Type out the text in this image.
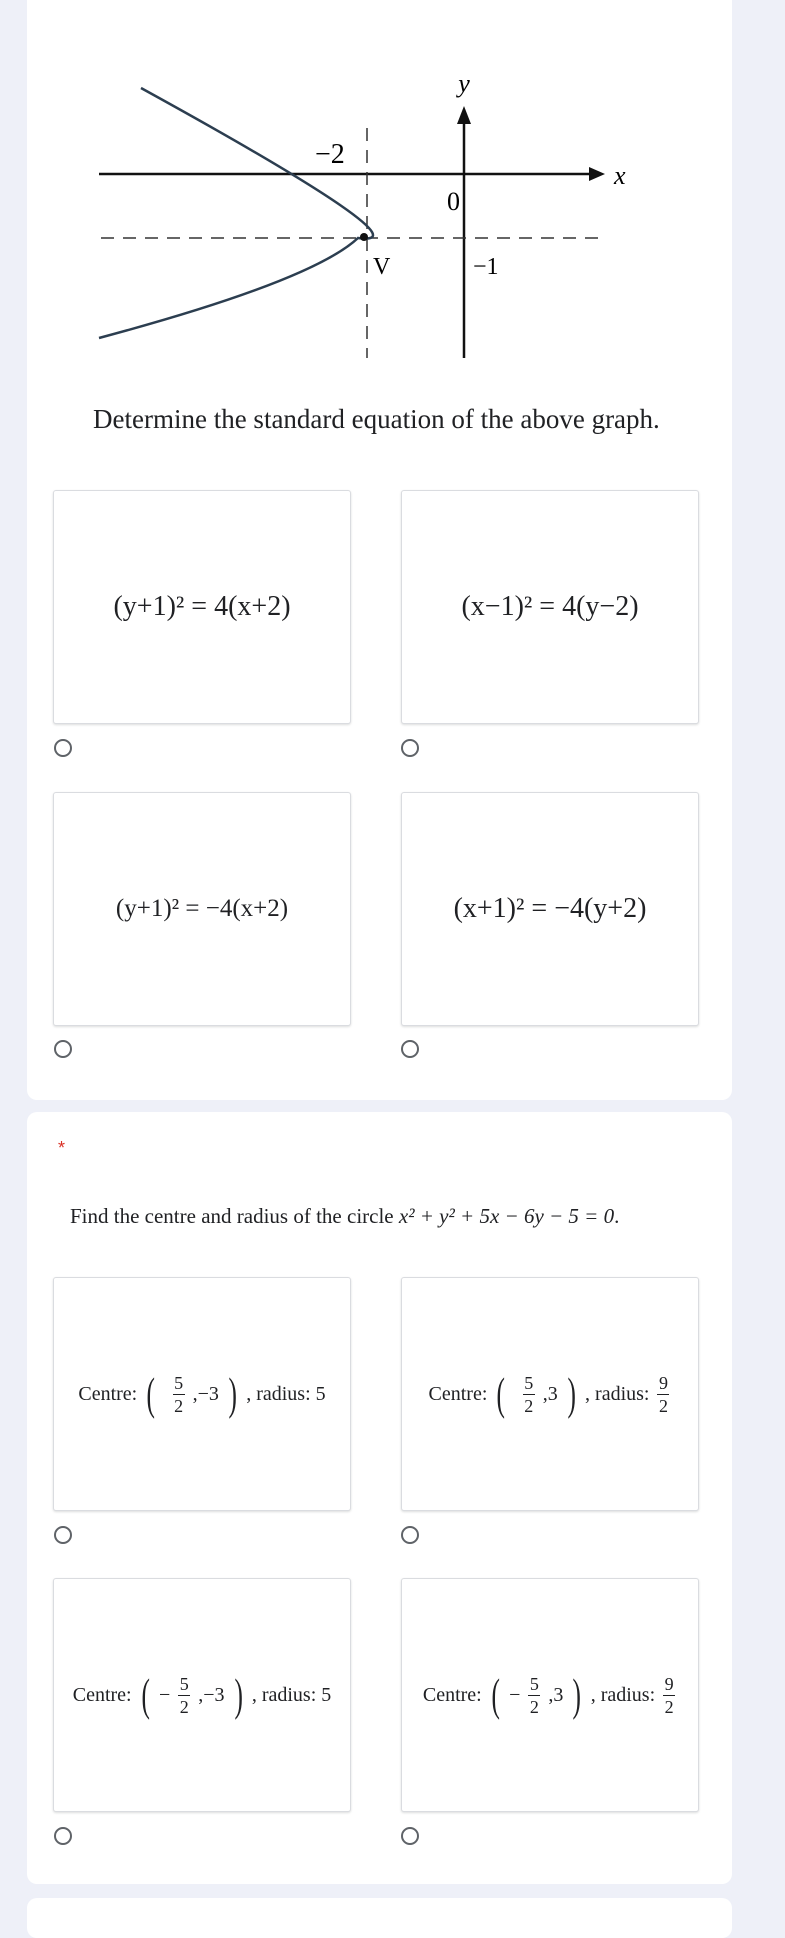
y
x
0
−2
−1
V
Determine the standard equation of the above graph.
(y+1)² = 4(x+2)	(x−1)² = 4(y−2)
(y+1)² = −4(x+2)	(x+1)² = −4(y+2)
*
Find the centre and radius of the circle x² + y² + 5x − 6y − 5 = 0.
Centre: ( $\frac{5}{2} ,-3$ ) , radius: 5	Centre: ( $\frac{5}{2} ,3$ ) , radius: $\frac{9}{2}$
Centre: ( − $\frac{5}{2} ,-3$ ) , radius: 5	Centre: ( − $\frac{5}{2} ,3$ ) , radius: $\frac{9}{2}$
